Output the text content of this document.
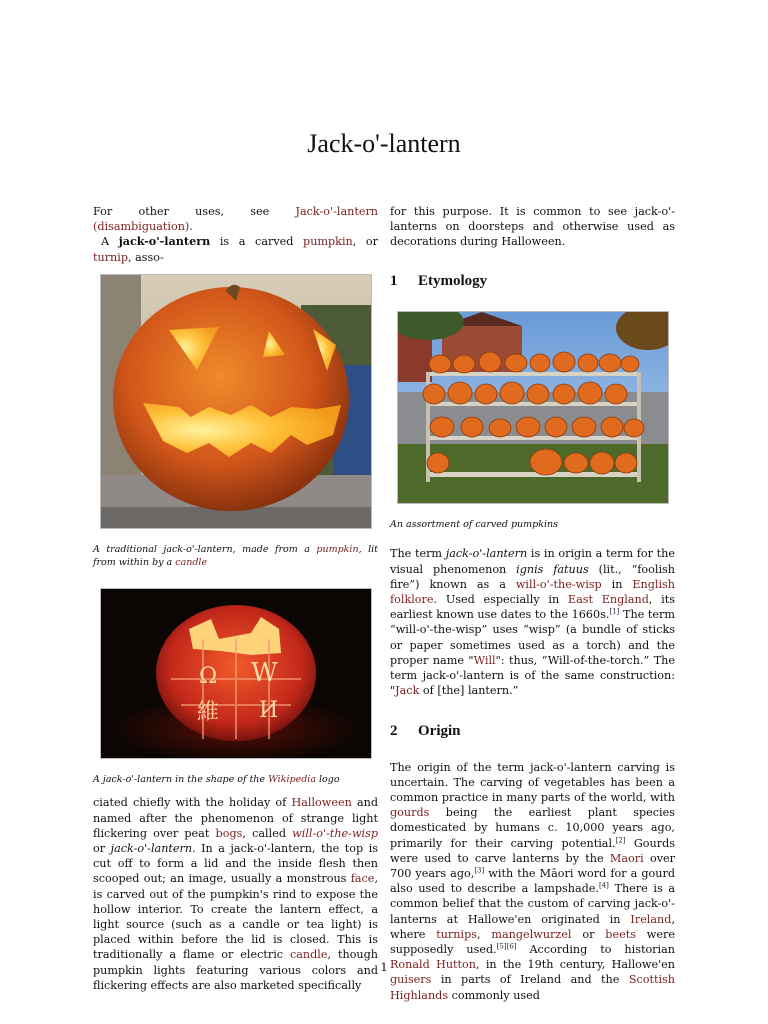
Jack-o'-lantern

For other uses, see Jack-o'-lantern (disambiguation).

A jack-o'-lantern is a carved pumpkin, or turnip, asso-

A traditional jack-o'-lantern, made from a pumpkin, lit from within by a candle

Ω W
維 И

A jack-o'-lantern in the shape of the Wikipedia logo

ciated chiefly with the holiday of Halloween and named after the phenomenon of strange light flickering over peat bogs, called will-o'-the-wisp or jack-o'-lantern. In a jack-o'-lantern, the top is cut off to form a lid and the inside flesh then scooped out; an image, usually a monstrous face, is carved out of the pumpkin's rind to expose the hollow interior. To create the lantern effect, a light source (such as a candle or tea light) is placed within before the lid is closed. This is traditionally a flame or electric candle, though pumpkin lights featuring various colors and flickering effects are also marketed specifically

for this purpose. It is common to see jack-o'-lanterns on doorsteps and otherwise used as decorations during Halloween.

1 Etymology

An assortment of carved pumpkins

The term jack-o'-lantern is in origin a term for the visual phenomenon ignis fatuus (lit., “foolish fire”) known as a will-o'-the-wisp in English folklore. Used especially in East England, its earliest known use dates to the 1660s.[1] The term “will-o'-the-wisp” uses “wisp” (a bundle of sticks or paper sometimes used as a torch) and the proper name "Will": thus, “Will-of-the-torch.” The term jack-o'-lantern is of the same construction: "Jack of [the] lantern.”

2 Origin

The origin of the term jack-o'-lantern carving is uncertain. The carving of vegetables has been a common practice in many parts of the world, with gourds being the earliest plant species domesticated by humans c. 10,000 years ago, primarily for their carving potential.[2] Gourds were used to carve lanterns by the Maori over 700 years ago,[3] with the Māori word for a gourd also used to describe a lampshade.[4] There is a common belief that the custom of carving jack-o'-lanterns at Hallowe'en originated in Ireland, where turnips, mangelwurzel or beets were supposedly used.[5][6] According to historian Ronald Hutton, in the 19th century, Hallowe'en guisers in parts of Ireland and the Scottish Highlands commonly used

1
